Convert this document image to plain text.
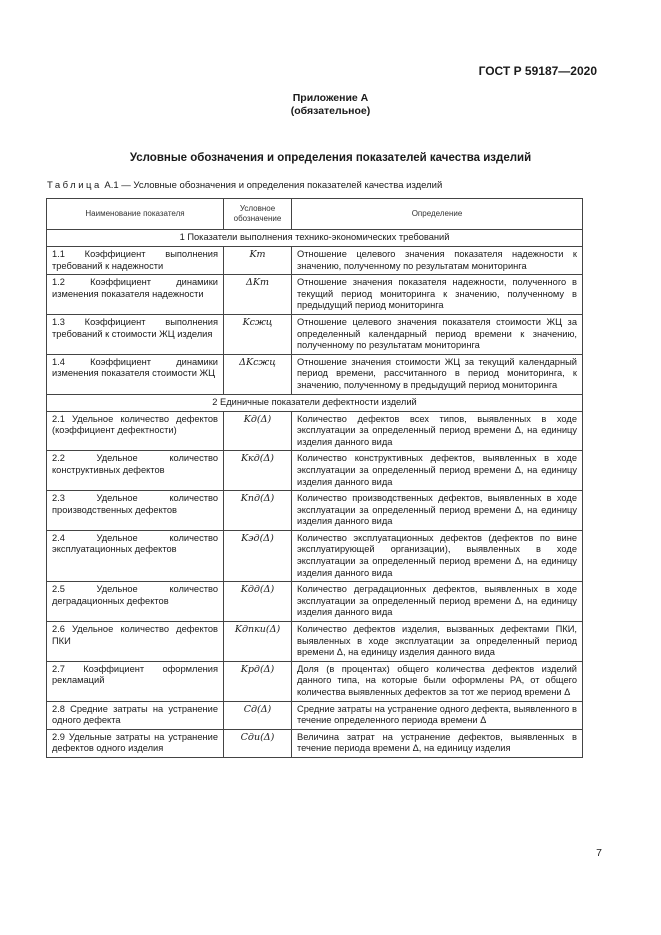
ГОСТ Р 59187—2020
Приложение А
(обязательное)
Условные обозначения и определения показателей качества изделий
Таблица А.1 — Условные обозначения и определения показателей качества изделий
Наименование показателя	Условное обозначение	Определение
1 Показатели выполнения технико-экономических требований		
1.1 Коэффициент выполнения требований к надежности	Kт	Отношение целевого значения показателя надежности к значению, полученному по результатам мониторинга
1.2 Коэффициент динамики изменения показателя надежности	ΔKт	Отношение значения показателя надежности, полученного в текущий период мониторинга к значению, полученному в предыдущий период мониторинга
1.3 Коэффициент выполнения требований к стоимости ЖЦ изделия	Kсжц	Отношение целевого значения показателя стоимости ЖЦ за определенный календарный период времени к значению, полученному по результатам мониторинга
1.4 Коэффициент динамики изменения показателя стоимости ЖЦ	ΔKсжц	Отношение значения стоимости ЖЦ за текущий календарный период времени, рассчитанного в период мониторинга, к значению, полученному в предыдущий период мониторинга
2 Единичные показатели дефектности изделий		
2.1 Удельное количество дефектов (коэффициент дефектности)	Kд(Δ)	Количество дефектов всех типов, выявленных в ходе эксплуатации за определенный период времени Δ, на единицу изделия данного вида
2.2 Удельное количество конструктивных дефектов	Kкд(Δ)	Количество конструктивных дефектов, выявленных в ходе эксплуатации за определенный период времени Δ, на единицу изделия данного вида
2.3 Удельное количество производственных дефектов	Kпд(Δ)	Количество производственных дефектов, выявленных в ходе эксплуатации за определенный период времени Δ, на единицу изделия данного вида
2.4 Удельное количество эксплуатационных дефектов	Kэд(Δ)	Количество эксплуатационных дефектов (дефектов по вине эксплуатирующей организации), выявленных в ходе эксплуатации за определенный период времени Δ, на единицу изделия данного вида
2.5 Удельное количество деградационных дефектов	Kдд(Δ)	Количество деградационных дефектов, выявленных в ходе эксплуатации за определенный период времени Δ, на единицу изделия данного вида
2.6 Удельное количество дефектов ПКИ	Kдпки(Δ)	Количество дефектов изделия, вызванных дефектами ПКИ, выявленных в ходе эксплуатации за определенный период времени Δ, на единицу изделия данного вида
2.7 Коэффициент оформления рекламаций	Kрд(Δ)	Доля (в процентах) общего количества дефектов изделий данного типа, на которые были оформлены РА, от общего количества выявленных дефектов за тот же период времени Δ
2.8 Средние затраты на устранение одного дефекта	Cд(Δ)	Средние затраты на устранение одного дефекта, выявленного в течение определенного периода времени Δ
2.9 Удельные затраты на устранение дефектов одного изделия	Cди(Δ)	Величина затрат на устранение дефектов, выявленных в течение периода времени Δ, на единицу изделия
7
